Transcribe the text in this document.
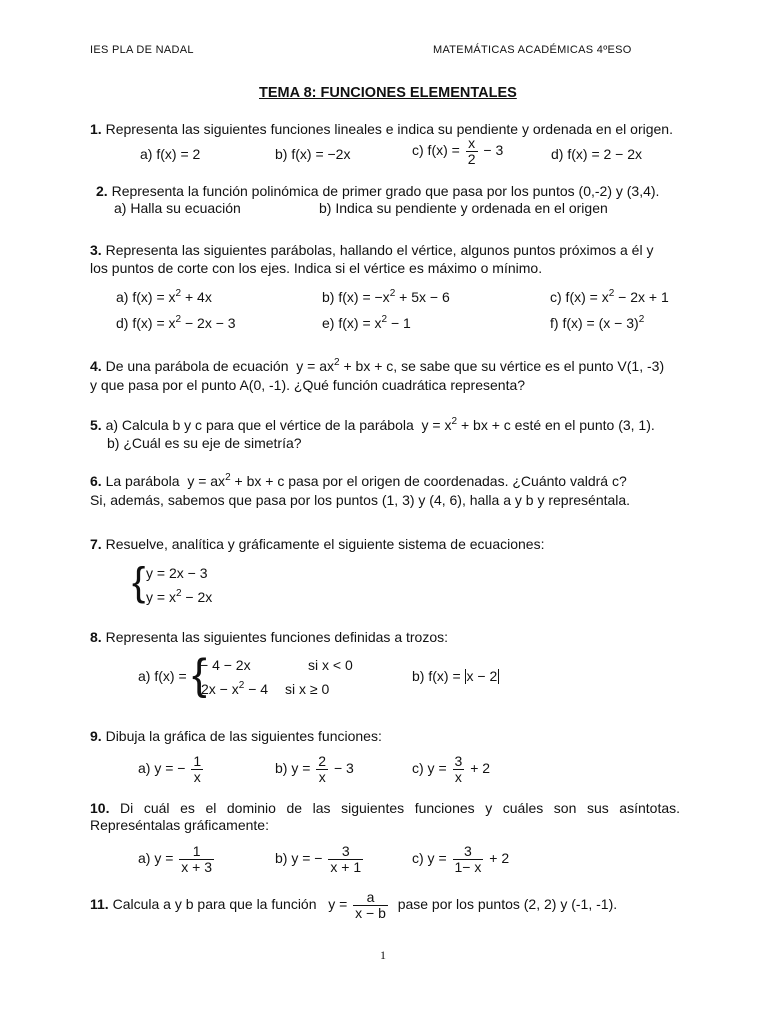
IES PLA DE NADAL	MATEMÁTICAS ACADÉMICAS 4ºESO
TEMA 8: FUNCIONES ELEMENTALES
1. Representa las siguientes funciones lineales e indica su pendiente y ordenada en el origen.
a) f(x) = 2	b) f(x) = −2x	c) $f(x) = \frac{x}{2} - 3$	d) f(x) = 2 − 2x
2. Representa la función polinómica de primer grado que pasa por los puntos (0,-2) y (3,4).
a) Halla su ecuación	b) Indica su pendiente y ordenada en el origen
3. Representa las siguientes parábolas, hallando el vértice, algunos puntos próximos a él y
los puntos de corte con los ejes. Indica si el vértice es máximo o mínimo.
a) $f(x) = x^2 + 4x$	b) $f(x) = -x^2 + 5x - 6$	c) $f(x) = x^2 - 2x + 1$
d) $f(x) = x^2 - 2x - 3$	e) $f(x) = x^2 - 1$	f) $f(x) = (x - 3)^2$
4. De una parábola de ecuación $y = ax^2$ + bx + c, se sabe que su vértice es el punto V(1, -3)
y que pasa por el punto A(0, -1). ¿Qué función cuadrática representa?
5. a) Calcula b y c para que el vértice de la parábola $y = x^2$ + bx + c esté en el punto (3, 1).
b) ¿Cuál es su eje de simetría?
6. La parábola $y = ax^2$ + bx + c pasa por el origen de coordenadas. ¿Cuánto valdrá c?
Si, además, sabemos que pasa por los puntos (1, 3) y (4, 6), halla a y b y represéntala.
7. Resuelve, analítica y gráficamente el siguiente sistema de ecuaciones:
{ y = 2x − 3
$y = x^2 - 2x$
8. Representa las siguientes funciones definidas a trozos:
a) f(x) = {
− 4 − 2x	si x < 0
$2x - x^2 - 4$ si x ≥ 0
b) f(x) = x − 2
9. Dibuja la gráfica de las siguientes funciones:
a) y = − $\frac{1}{x}$	b) $y = \frac{2}{x} - 3$	c) $y = \frac{3}{x} + 2$
10. Di cuál es el dominio de las siguientes funciones y cuáles son sus asíntotas.
Represéntalas gráficamente:
a) $y = \frac{1}{x + 3}$	b) y = − $\frac{3}{x + 1}$	c) $y = \frac{3}{1- x} + 2$
11. Calcula a y b para que la función $y = \frac{a}{x - b}$ pase por los puntos (2, 2) y (-1, -1).
1
